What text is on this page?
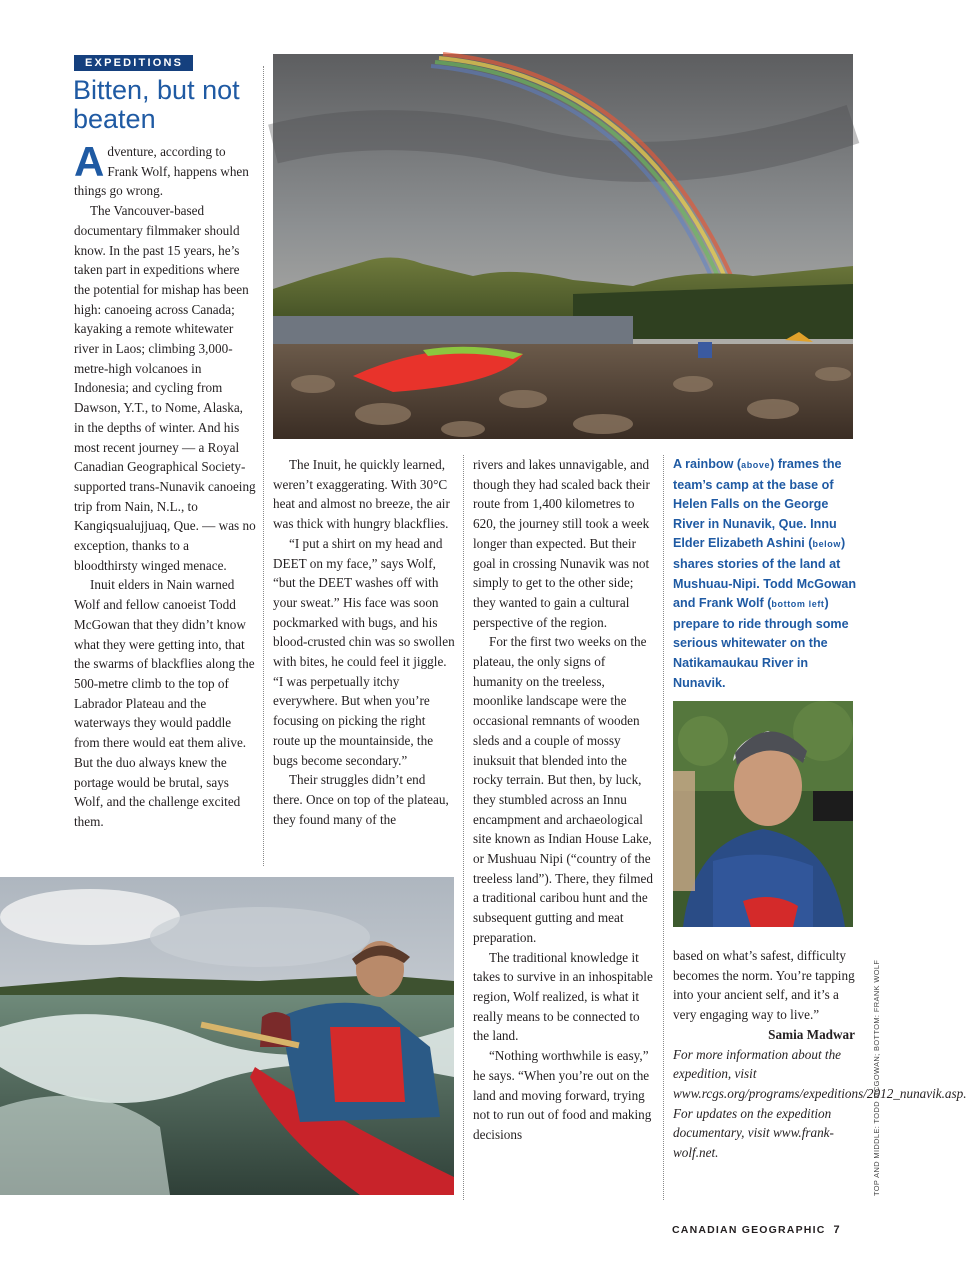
EXPEDITIONS
Bitten, but not beaten

Adventure, according to Frank Wolf, happens when things go wrong.

The Vancouver-based documentary filmmaker should know. In the past 15 years, he’s taken part in expeditions where the potential for mishap has been high: canoeing across Canada; kayaking a remote whitewater river in Laos; climbing 3,000-metre-high volcanoes in Indonesia; and cycling from Dawson, Y.T., to Nome, Alaska, in the depths of winter. And his most recent journey — a Royal Canadian Geographical Society-supported trans-Nunavik canoeing trip from Nain, N.L., to Kangiqsualujjuaq, Que. — was no exception, thanks to a bloodthirsty winged menace.

Inuit elders in Nain warned Wolf and fellow canoeist Todd McGowan that they didn’t know what they were getting into, that the swarms of blackflies along the 500-metre climb to the top of Labrador Plateau and the waterways they would paddle from there would eat them alive. But the duo always knew the portage would be brutal, says Wolf, and the challenge excited them.

The Inuit, he quickly learned, weren’t exaggerating. With 30°C heat and almost no breeze, the air was thick with hungry blackflies.

“I put a shirt on my head and DEET on my face,” says Wolf, “but the DEET washes off with your sweat.” His face was soon pockmarked with bugs, and his blood-crusted chin was so swollen with bites, he could feel it jiggle. “I was perpetually itchy everywhere. But when you’re focusing on picking the right route up the mountainside, the bugs become secondary.”

Their struggles didn’t end there. Once on top of the plateau, they found many of the

rivers and lakes unnavigable, and though they had scaled back their route from 1,400 kilometres to 620, the journey still took a week longer than expected. But their goal in crossing Nunavik was not simply to get to the other side; they wanted to gain a cultural perspective of the region.

For the first two weeks on the plateau, the only signs of humanity on the treeless, moonlike landscape were the occasional remnants of wooden sleds and a couple of mossy inuksuit that blended into the rocky terrain. But then, by luck, they stumbled across an Innu encampment and archaeological site known as Indian House Lake, or Mushuau Nipi (“country of the treeless land”). There, they filmed a traditional caribou hunt and the subsequent gutting and meat preparation.

The traditional knowledge it takes to survive in an inhospitable region, Wolf realized, is what it really means to be connected to the land.

“Nothing worthwhile is easy,” he says. “When you’re out on the land and moving forward, trying not to run out of food and making decisions

A rainbow (above) frames the team’s camp at the base of Helen Falls on the George River in Nunavik, Que. Innu Elder Elizabeth Ashini (below) shares stories of the land at Mushuau-Nipi. Todd McGowan and Frank Wolf (bottom left) prepare to ride through some serious whitewater on the Natikamaukau River in Nunavik.

based on what’s safest, difficulty becomes the norm. You’re tapping into your ancient self, and it’s a very engaging way to live.”

Samia Madwar

For more information about the expedition, visit www.rcgs.org/programs/expeditions/2012_nunavik.asp. For updates on the expedition documentary, visit www.frank-wolf.net.	TOP AND MIDDLE: TODD MCGOWAN; BOTTOM: FRANK WOLF
CANADIAN GEOGRAPHIC 7
